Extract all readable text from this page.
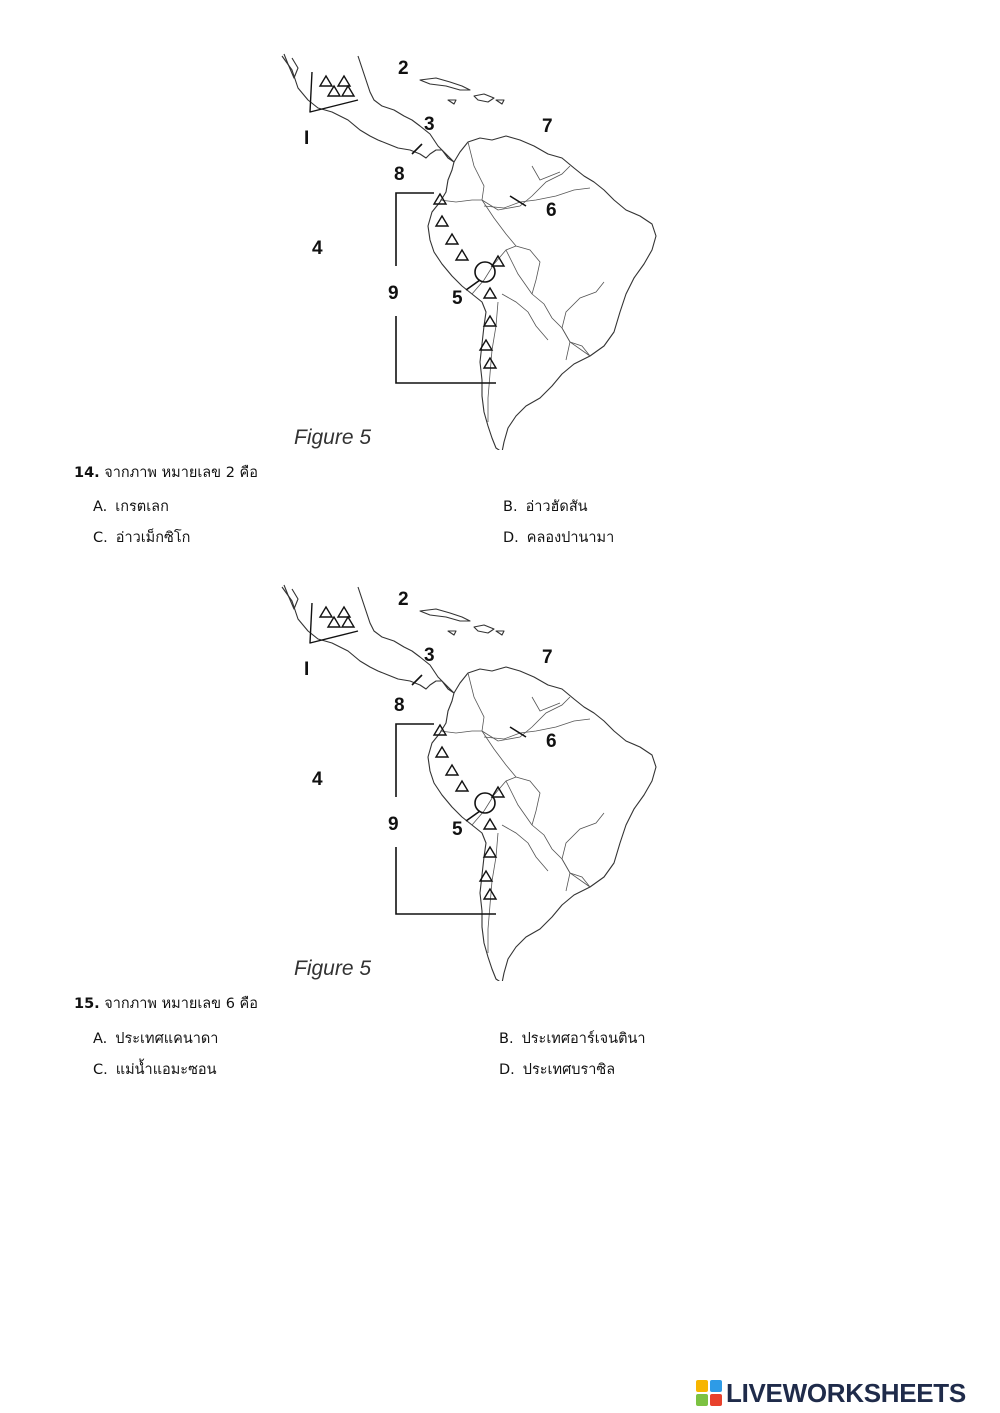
I
2
3
4
5
6
7
8
9
Figure 5
14. จากภาพ หมายเลข 2 คือ
A. เกรตเลก	B. อ่าวฮัดสัน
C. อ่าวเม็กซิโก	D. คลองปานามา
I
2
3
4
5
6
7
8
9
Figure 5
15. จากภาพ หมายเลข 6 คือ
A. ประเทศแคนาดา	B. ประเทศอาร์เจนตินา
C. แม่น้ำแอมะซอน	D. ประเทศบราซิล
LIVEWORKSHEETS
